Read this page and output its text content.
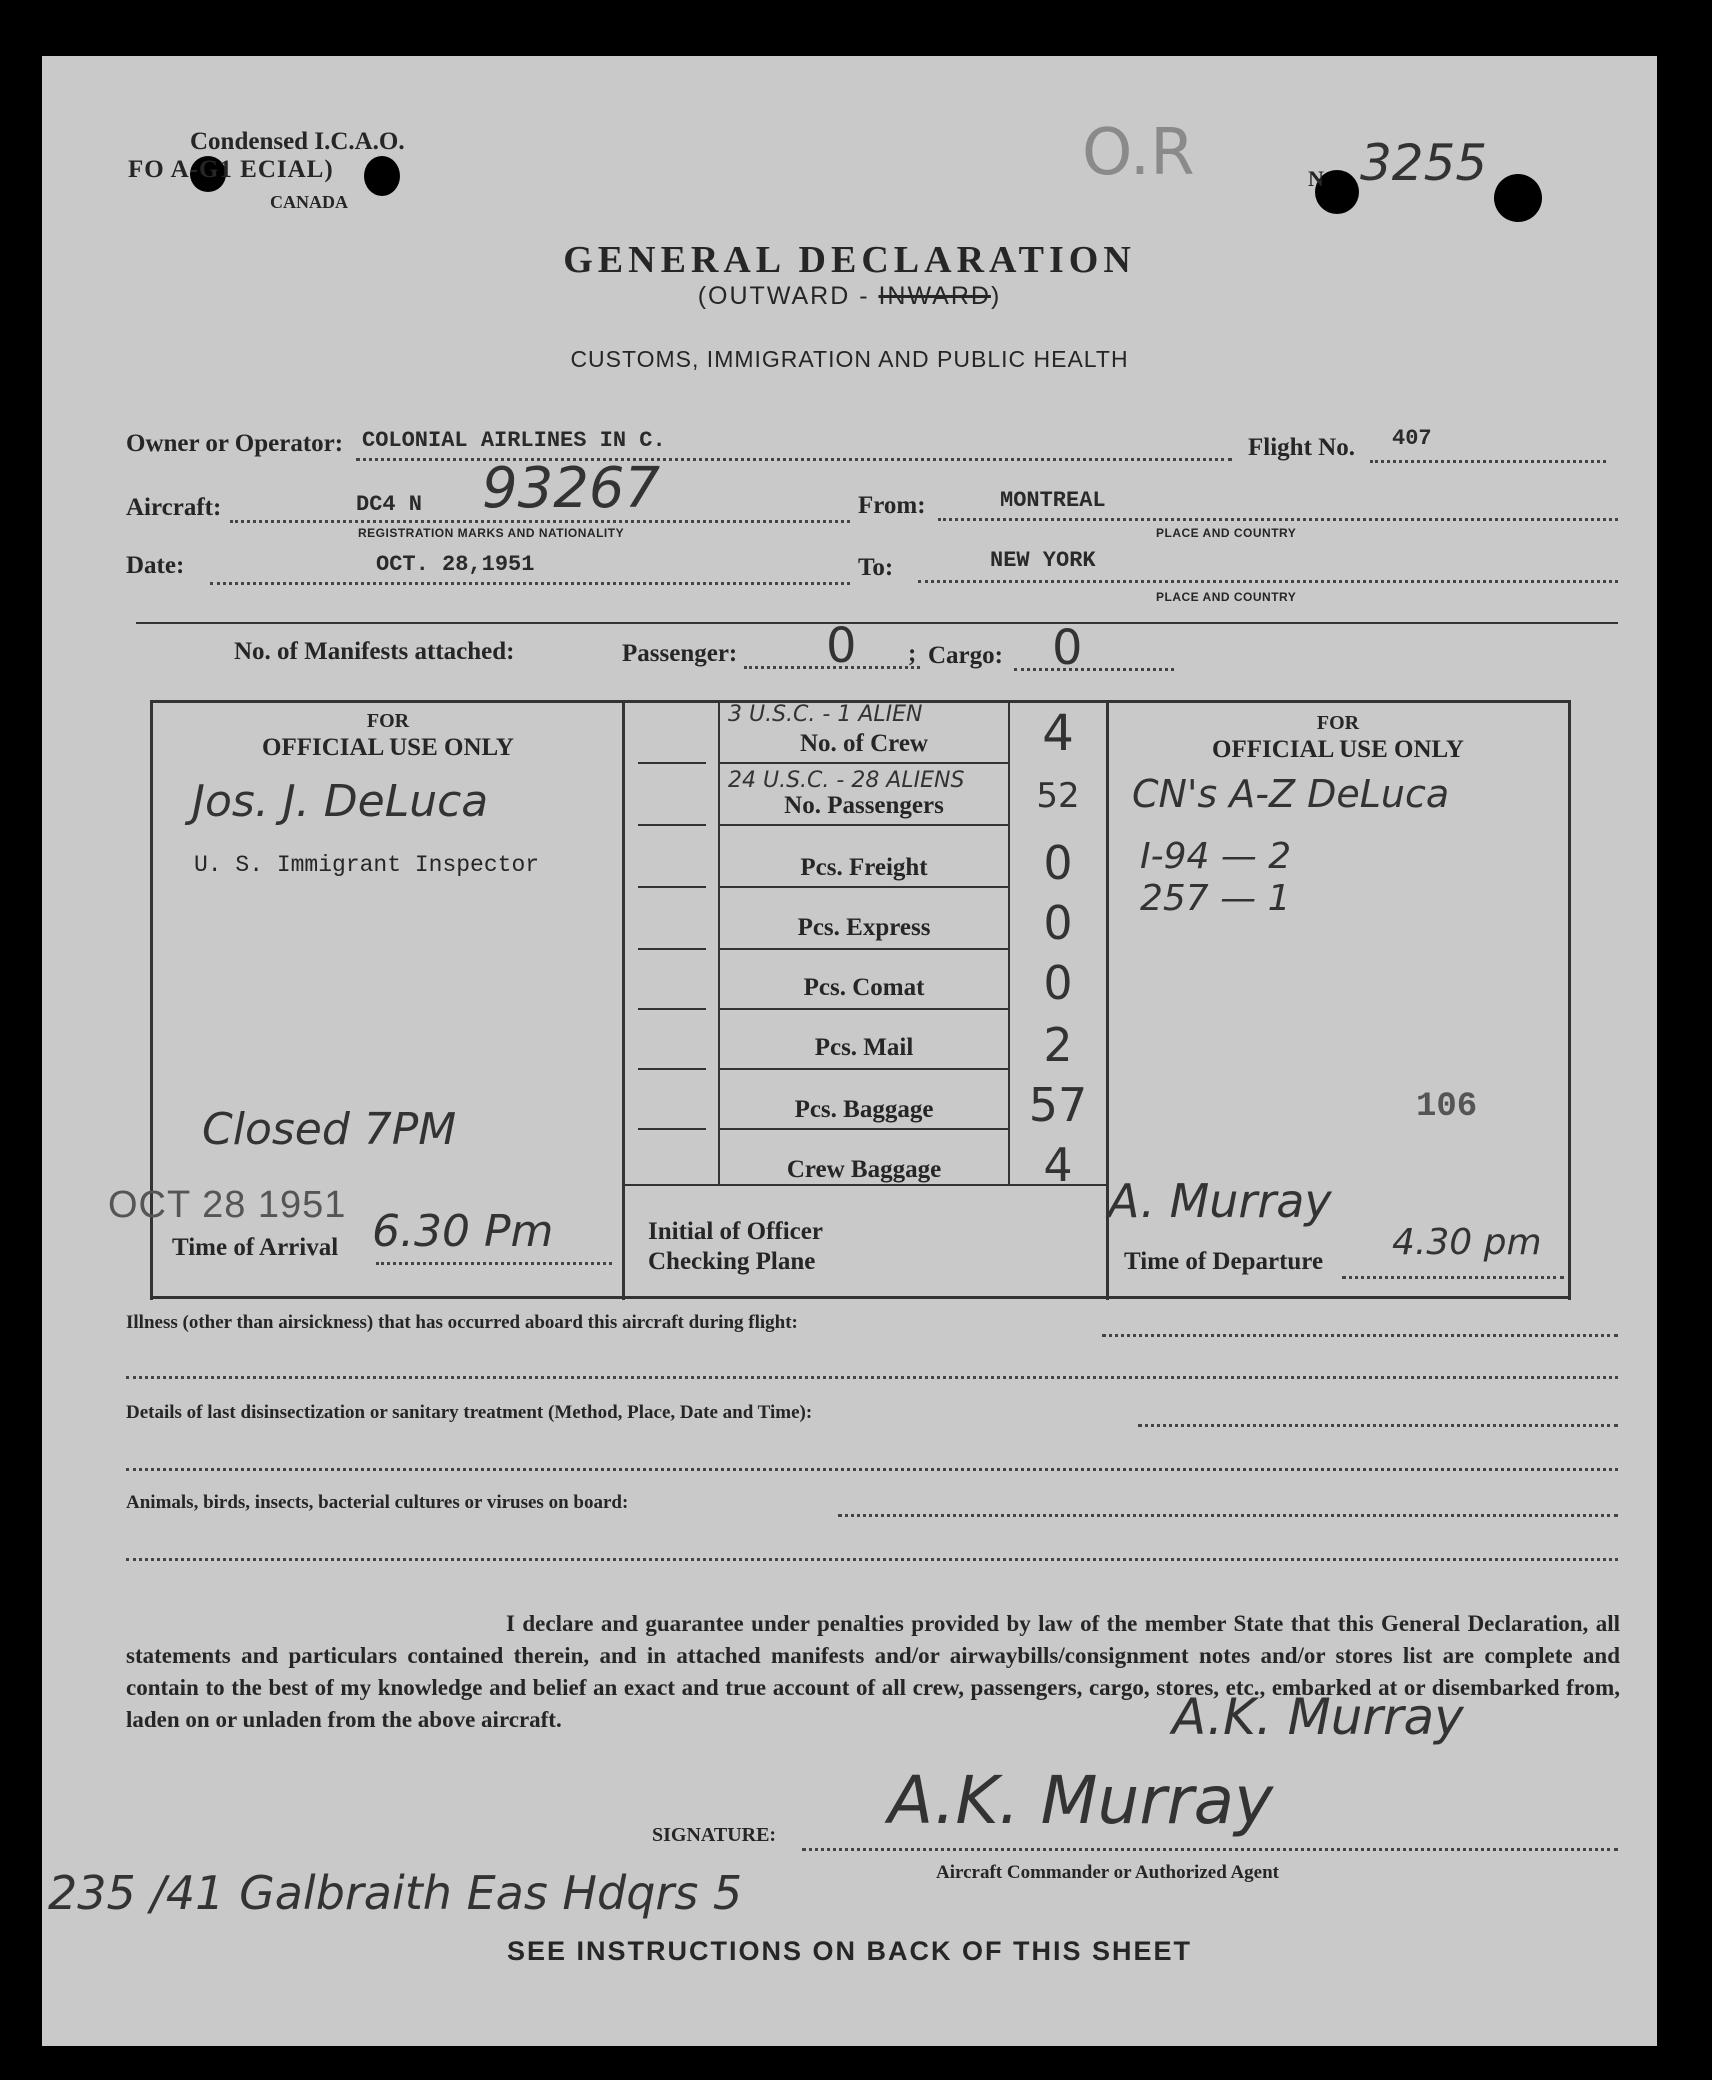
Condensed I.C.A.O.
FO A-G1 ECIAL)
CANADA
O.R	N 3255
GENERAL DECLARATION
(OUTWARD - INWARD)
CUSTOMS, IMMIGRATION AND PUBLIC HEALTH
Owner or Operator: COLONIAL AIRLINES IN C.	Flight No. 407
Aircraft:	DC4 N 93267
REGISTRATION MARKS AND NATIONALITY
From:	MONTREAL
PLACE AND COUNTRY
Date:	OCT. 28,1951	To:	NEW YORK
PLACE AND COUNTRY
No. of Manifests attached:	Passenger: 0 ; Cargo: 0
FOR
OFFICIAL USE ONLY
Jos. J. DeLuca
U. S. Immigrant Inspector
Closed 7PM
OCT 28 1951
Time of Arrival 6.30 Pm
3 U.S.C. - 1 ALIEN
No. of Crew	4
24 U.S.C. - 28 ALIENS
No. Passengers	52
Pcs. Freight	0
Pcs. Express	0
Pcs. Comat	0
Pcs. Mail	2
Pcs. Baggage	57
Crew Baggage	4
Initial of Officer
Checking Plane
FOR
OFFICIAL USE ONLY
CN's A-Z DeLuca
I-94 — 2
257 — 1
106
A. Murray
Time of Departure 4.30 pm
Illness (other than airsickness) that has occurred aboard this aircraft during flight:
Details of last disinsectization or sanitary treatment (Method, Place, Date and Time):
Animals, birds, insects, bacterial cultures or viruses on board:
I declare and guarantee under penalties provided by law of the member State that this General Declaration, all statements and particulars contained therein, and in attached manifests and/or airwaybills/consignment notes and/or stores list are complete and contain to the best of my knowledge and belief an exact and true account of all crew, passengers, cargo, stores, etc., embarked at or disembarked from, laden on or unladen from the above aircraft.	A.K. Murray
SIGNATURE: A.K. Murray
Aircraft Commander or Authorized Agent
235 /41 Galbraith Eas Hdqrs 5
SEE INSTRUCTIONS ON BACK OF THIS SHEET
